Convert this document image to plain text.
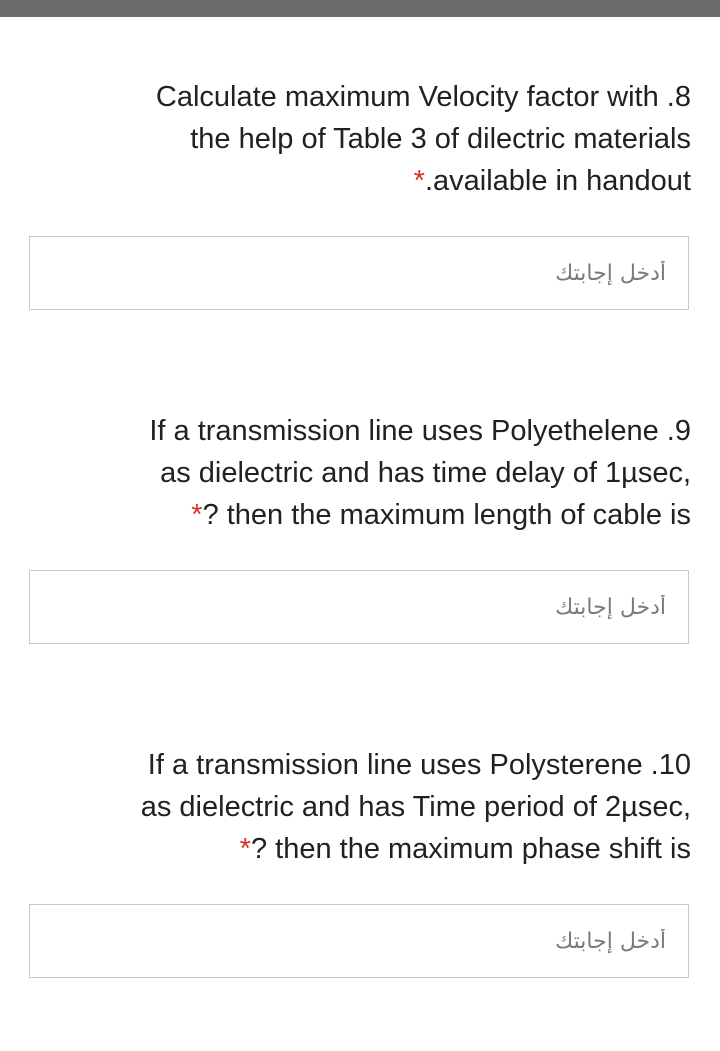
Calculate maximum Velocity factor with .8
the help of Table 3 of dilectric materials
*.available in handout
أدخل إجابتك
If a transmission line uses Polyethelene .9
as dielectric and has time delay of 1µsec,
*? then the maximum length of cable is
أدخل إجابتك
If a transmission line uses Polysterene .10
as dielectric and has Time period of 2µsec,
*? then the maximum phase shift is
أدخل إجابتك
